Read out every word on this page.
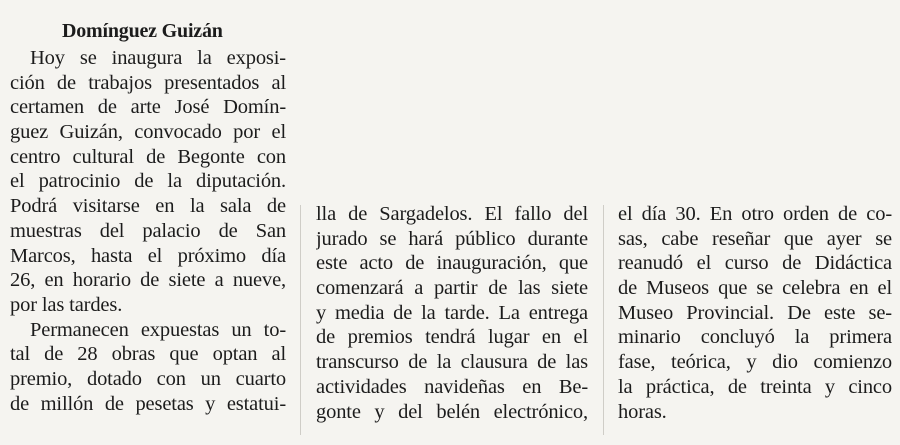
Domínguez Guizán
Hoy se inaugura la exposi-
ción de trabajos presentados al
certamen de arte José Domín-
guez Guizán, convocado por el
centro cultural de Begonte con
el patrocinio de la diputación.
Podrá visitarse en la sala de
muestras del palacio de San
Marcos, hasta el próximo día
26, en horario de siete a nueve,
por las tardes.
Permanecen expuestas un to-
tal de 28 obras que optan al
premio, dotado con un cuarto
de millón de pesetas y estatui-
lla de Sargadelos. El fallo del
jurado se hará público durante
este acto de inauguración, que
comenzará a partir de las siete
y media de la tarde. La entrega
de premios tendrá lugar en el
transcurso de la clausura de las
actividades navideñas en Be-
gonte y del belén electrónico,
el día 30. En otro orden de co-
sas, cabe reseñar que ayer se
reanudó el curso de Didáctica
de Museos que se celebra en el
Museo Provincial. De este se-
minario concluyó la primera
fase, teórica, y dio comienzo
la práctica, de treinta y cinco
horas.
